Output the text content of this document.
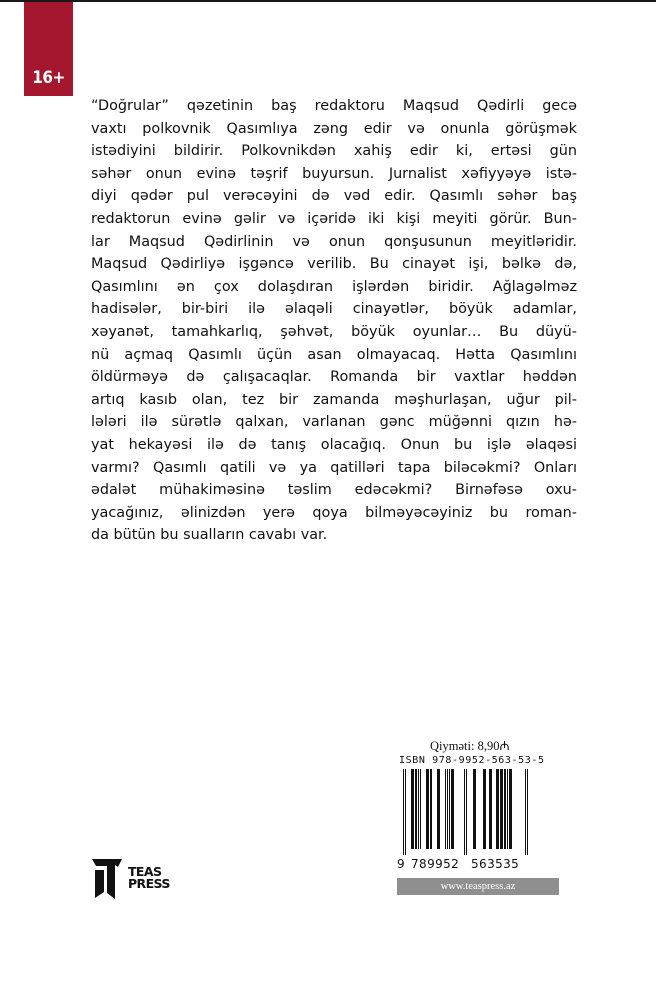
16+
“Doğrular” qəzetinin baş redaktoru Maqsud Qədirli gecə
vaxtı polkovnik Qasımlıya zəng edir və onunla görüşmək
istədiyini bildirir. Polkovnikdən xahiş edir ki, ertəsi gün
səhər onun evinə təşrif buyursun. Jurnalist xəfiyyəyə istə-
diyi qədər pul verəcəyini də vəd edir. Qasımlı səhər baş
redaktorun evinə gəlir və içəridə iki kişi meyiti görür. Bun-
lar Maqsud Qədirlinin və onun qonşusunun meyitləridir.
Maqsud Qədirliyə işgəncə verilib. Bu cinayət işi, bəlkə də,
Qasımlını ən çox dolaşdıran işlərdən biridir. Ağlagəlməz
hadisələr, bir-biri ilə əlaqəli cinayətlər, böyük adamlar,
xəyanət, tamahkarlıq, şəhvət, böyük oyunlar… Bu düyü-
nü açmaq Qasımlı üçün asan olmayacaq. Hətta Qasımlını
öldürməyə də çalışacaqlar. Romanda bir vaxtlar həddən
artıq kasıb olan, tez bir zamanda məşhurlaşan, uğur pil-
lələri ilə sürətlə qalxan, varlanan gənc müğənni qızın hə-
yat hekayəsi ilə də tanış olacağıq. Onun bu işlə əlaqəsi
varmı? Qasımlı qatili və ya qatilləri tapa biləcəkmi? Onları
ədalət mühakiməsinə təslim edəcəkmi? Birnəfəsə oxu-
yacağınız, əlinizdən yerə qoya bilməyəcəyiniz bu roman-
da bütün bu sualların cavabı var.
TEAS
PRESS
Qiymәti: 8,90₼
ISBN 978-9952-563-53-5
9 789952 563535
www.teaspress.az
